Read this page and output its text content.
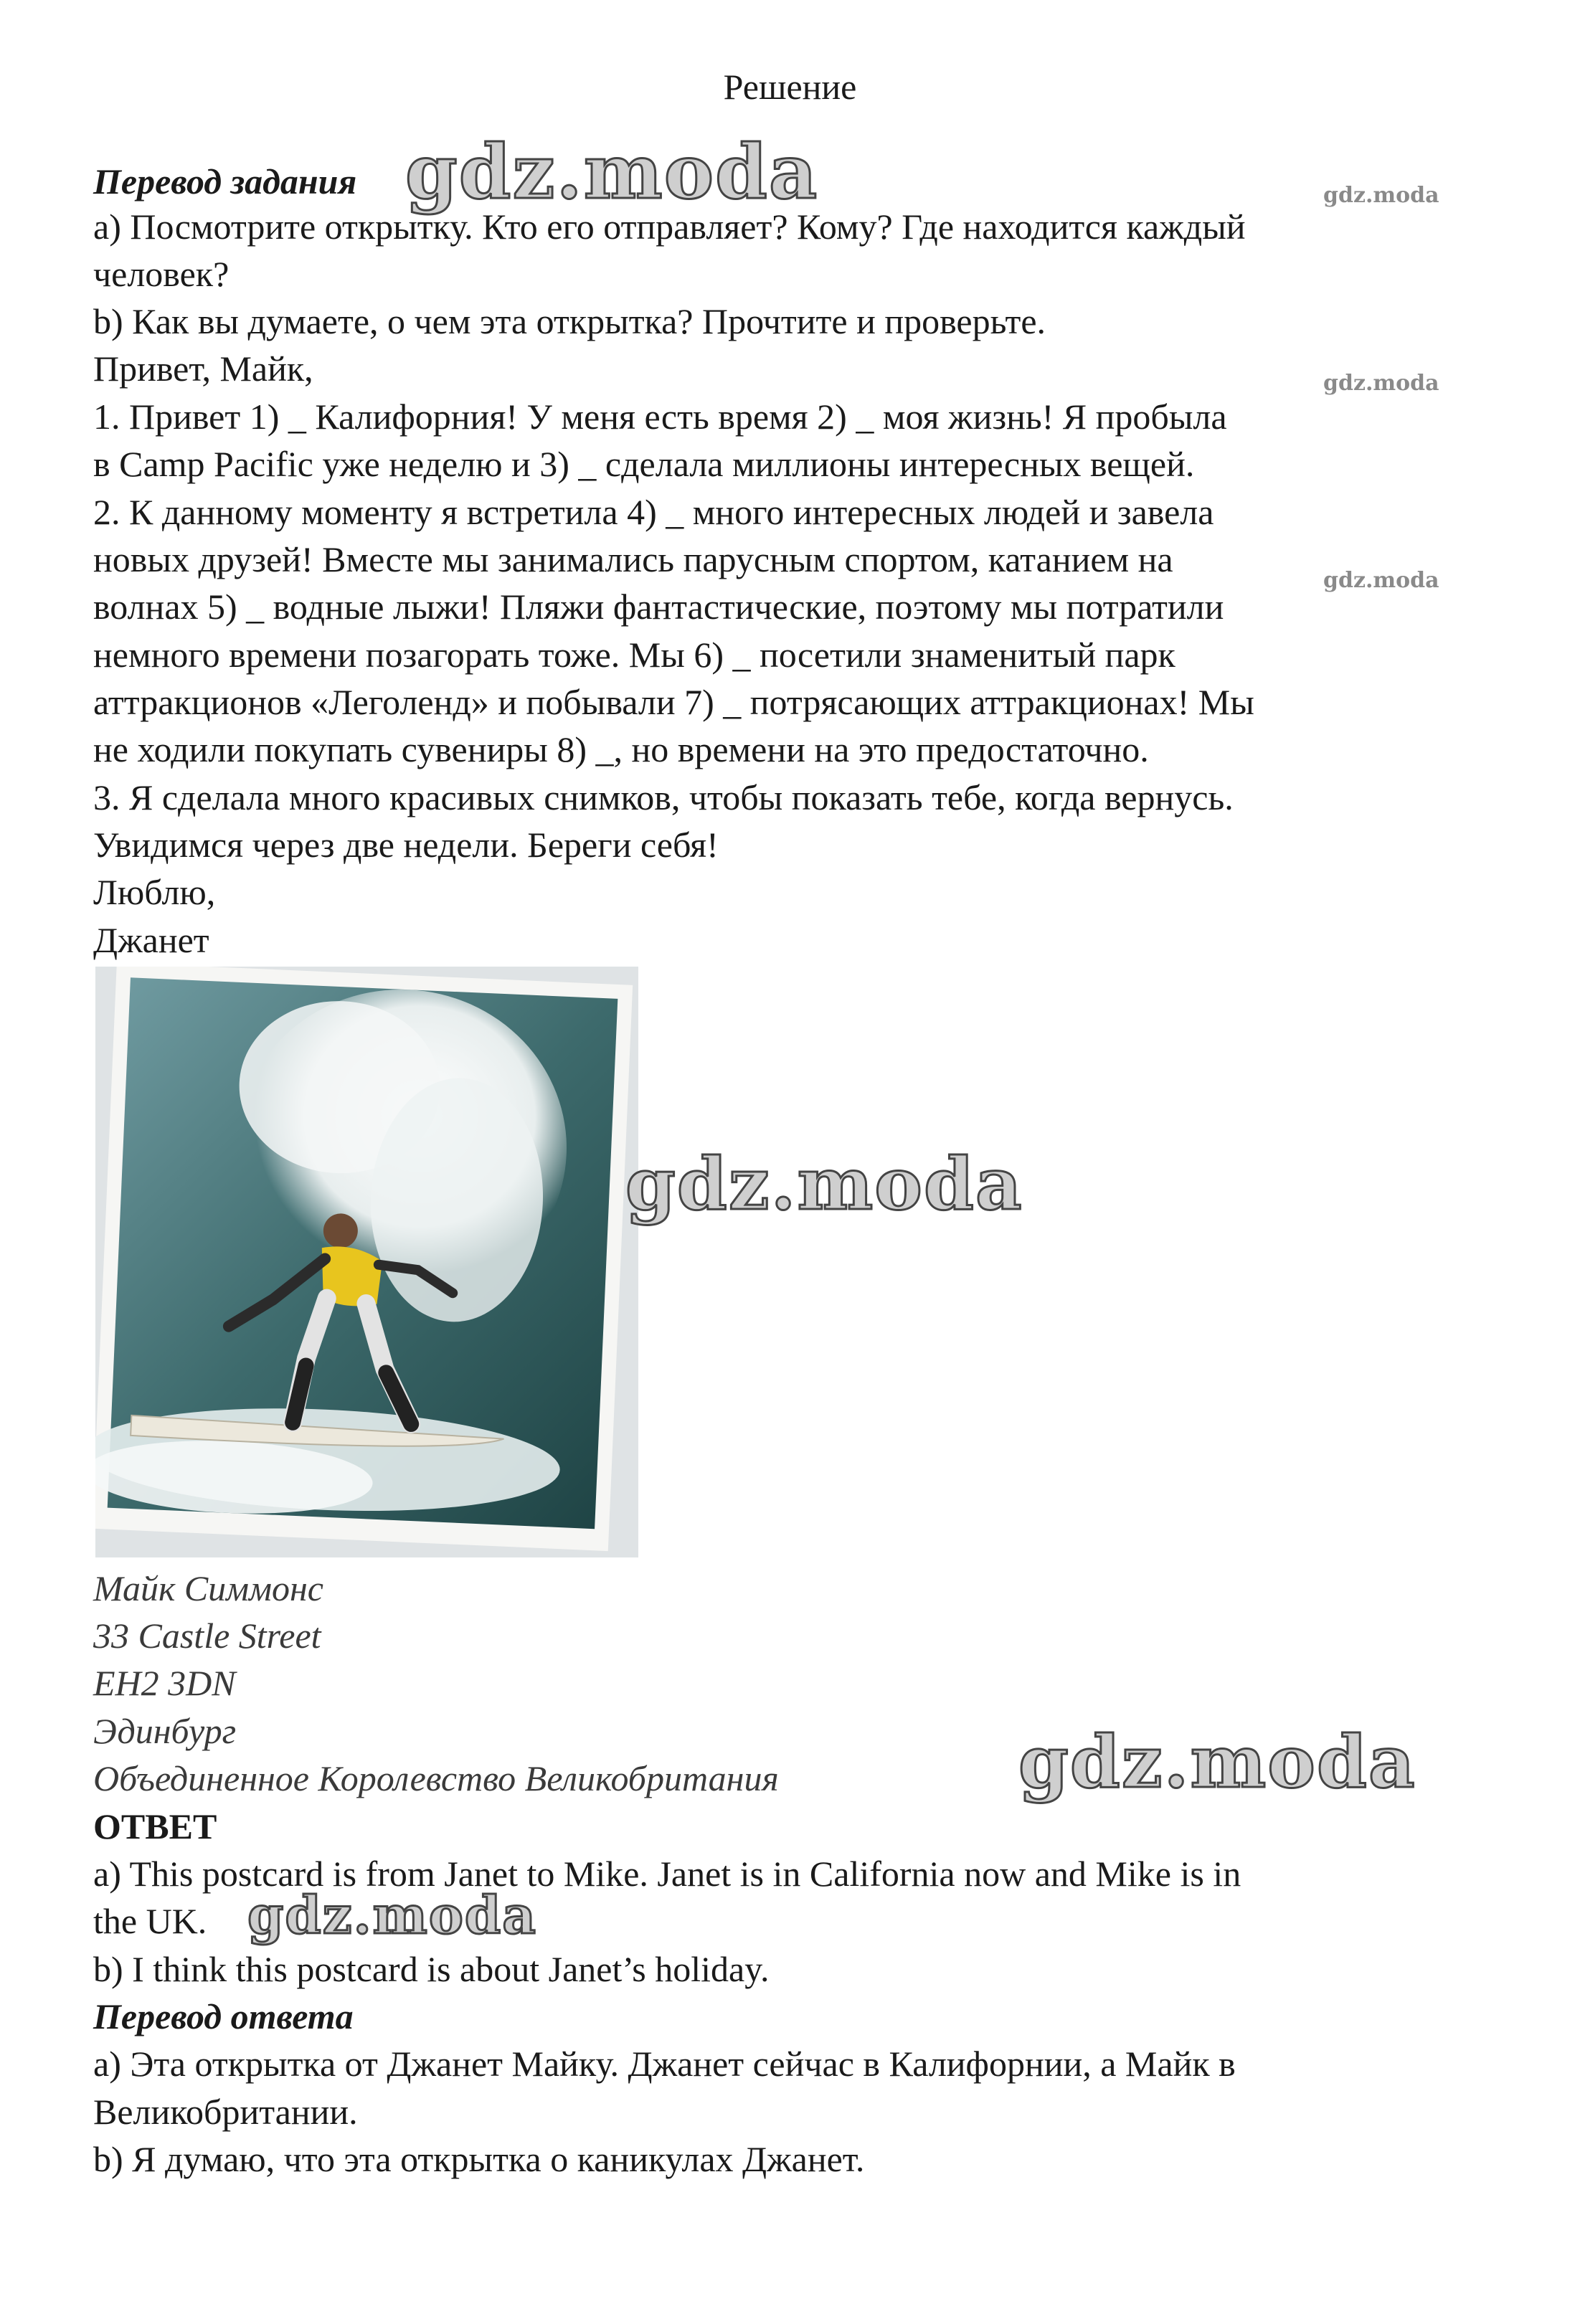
Решение
Перевод задания
а) Посмотрите открытку. Кто его отправляет? Кому? Где находится каждый
человек?
b) Как вы думаете, о чем эта открытка? Прочтите и проверьте.
Привет, Майк,
1. Привет 1) _ Калифорния! У меня есть время 2) _ моя жизнь! Я пробыла
в Camp Pacific уже неделю и 3) _ сделала миллионы интересных вещей.
2. К данному моменту я встретила 4) _ много интересных людей и завела
новых друзей! Вместе мы занимались парусным спортом, катанием на
волнах 5) _ водные лыжи! Пляжи фантастические, поэтому мы потратили
немного времени позагорать тоже. Мы 6) _ посетили знаменитый парк
аттракционов «Леголенд» и побывали 7) _ потрясающих аттракционах! Мы
не ходили покупать сувениры 8) _, но времени на это предостаточно.
3. Я сделала много красивых снимков, чтобы показать тебе, когда вернусь.
Увидимся через две недели. Береги себя!
Люблю,
Джанет
Майк Симмонс
33 Castle Street
EH2 3DN
Эдинбург
Объединенное Королевство Великобритания
ОТВЕТ
a) This postcard is from Janet to Mike. Janet is in California now and Mike is in
the UK.
b) I think this postcard is about Janet’s holiday.
Перевод ответа
а) Эта открытка от Джанет Майку. Джанет сейчас в Калифорнии, а Майк в
Великобритании.
b) Я думаю, что эта открытка о каникулах Джанет.
gdz.moda	gdz.moda
gdz.moda
gdz.moda
gdz.moda
gdz.moda
gdz.moda
